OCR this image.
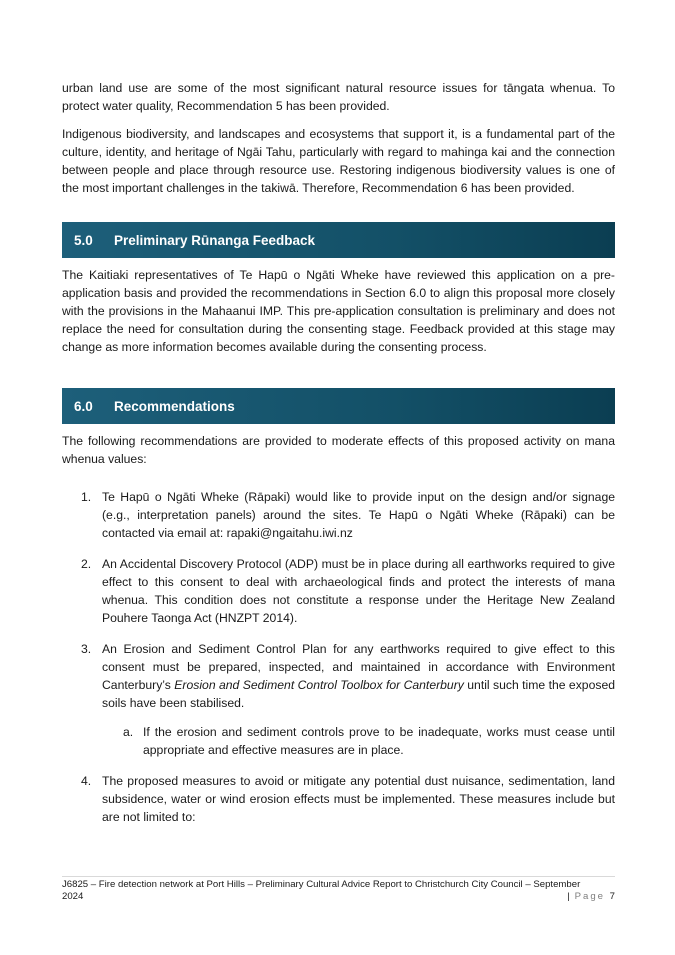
urban land use are some of the most significant natural resource issues for tāngata whenua. To protect water quality, Recommendation 5 has been provided.

Indigenous biodiversity, and landscapes and ecosystems that support it, is a fundamental part of the culture, identity, and heritage of Ngāi Tahu, particularly with regard to mahinga kai and the connection between people and place through resource use. Restoring indigenous biodiversity values is one of the most important challenges in the takiwā. Therefore, Recommendation 6 has been provided.

5.0	Preliminary Rūnanga Feedback

The Kaitiaki representatives of Te Hapū o Ngāti Wheke have reviewed this application on a pre-application basis and provided the recommendations in Section 6.0 to align this proposal more closely with the provisions in the Mahaanui IMP. This pre-application consultation is preliminary and does not replace the need for consultation during the consenting stage. Feedback provided at this stage may change as more information becomes available during the consenting process.

6.0	Recommendations

The following recommendations are provided to moderate effects of this proposed activity on mana whenua values:

1. Te Hapū o Ngāti Wheke (Rāpaki) would like to provide input on the design and/or signage (e.g., interpretation panels) around the sites. Te Hapū o Ngāti Wheke (Rāpaki) can be contacted via email at: rapaki@ngaitahu.iwi.nz
2. An Accidental Discovery Protocol (ADP) must be in place during all earthworks required to give effect to this consent to deal with archaeological finds and protect the interests of mana whenua. This condition does not constitute a response under the Heritage New Zealand Pouhere Taonga Act (HNZPT 2014).
3. An Erosion and Sediment Control Plan for any earthworks required to give effect to this consent must be prepared, inspected, and maintained in accordance with Environment Canterbury’s Erosion and Sediment Control Toolbox for Canterbury until such time the exposed soils have been stabilised.
a. If the erosion and sediment controls prove to be inadequate, works must cease until appropriate and effective measures are in place.
4. The proposed measures to avoid or mitigate any potential dust nuisance, sedimentation, land subsidence, water or wind erosion effects must be implemented. These measures include but are not limited to:
J6825 – Fire detection network at Port Hills – Preliminary Cultural Advice Report to Christchurch City Council – September
2024	| Page 7
